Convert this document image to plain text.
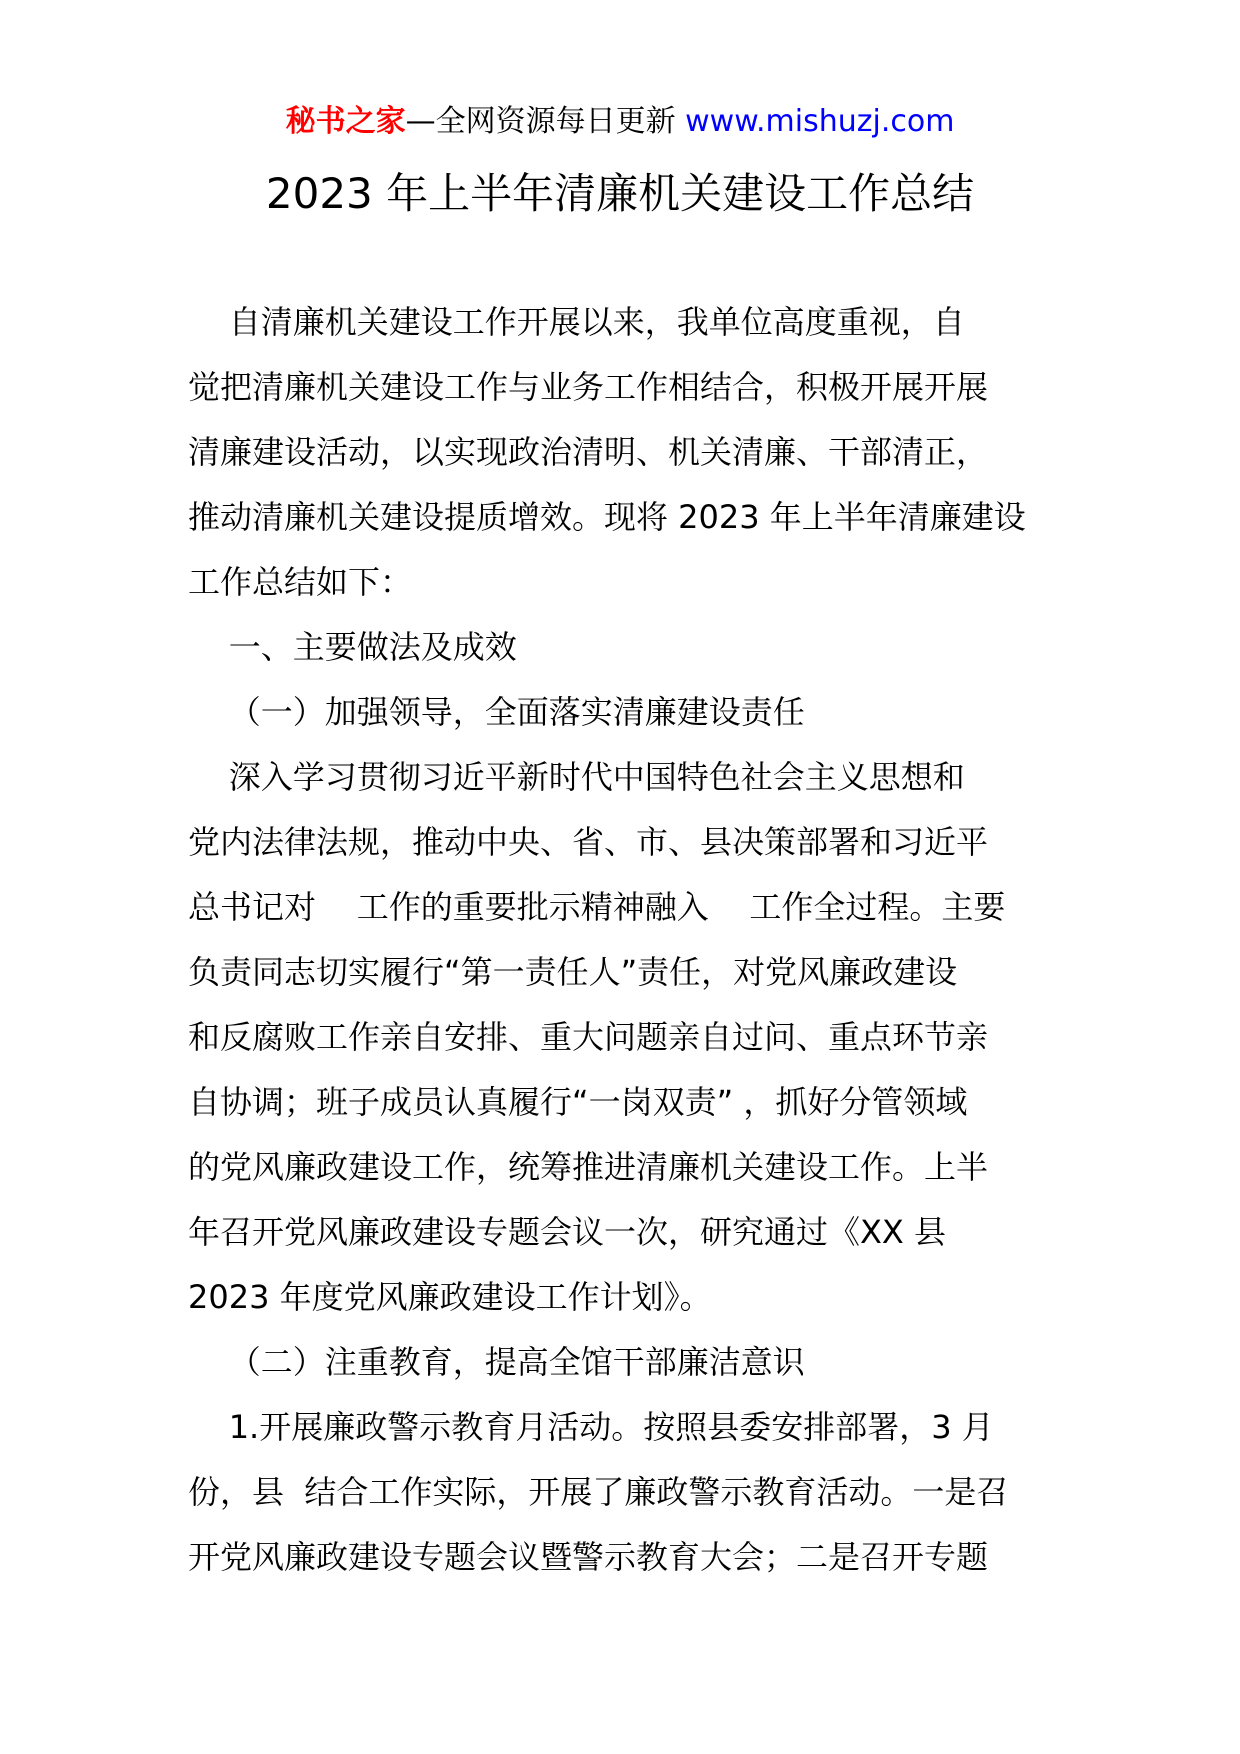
秘书之家—全网资源每日更新 www.mishuzj.com
2023 年上半年清廉机关建设工作总结

自清廉机关建设工作开展以来，我单位高度重视，自

觉把清廉机关建设工作与业务工作相结合，积极开展开展

清廉建设活动，以实现政治清明、机关清廉、干部清正，

推动清廉机关建设提质增效。现将 2023 年上半年清廉建设

工作总结如下：

一、主要做法及成效

（一）加强领导，全面落实清廉建设责任

深入学习贯彻习近平新时代中国特色社会主义思想和

党内法律法规，推动中央、省、市、县决策部署和习近平

总书记对    工作的重要批示精神融入    工作全过程。主要

负责同志切实履行“第一责任人”责任，对党风廉政建设

和反腐败工作亲自安排、重大问题亲自过问、重点环节亲

自协调；班子成员认真履行“一岗双责” ，抓好分管领域

的党风廉政建设工作，统筹推进清廉机关建设工作。上半

年召开党风廉政建设专题会议一次，研究通过《XX 县

2023 年度党风廉政建设工作计划》。

（二）注重教育，提高全馆干部廉洁意识

1.开展廉政警示教育月活动。按照县委安排部署，3 月

份，县  结合工作实际，开展了廉政警示教育活动。一是召

开党风廉政建设专题会议暨警示教育大会；二是召开专题
